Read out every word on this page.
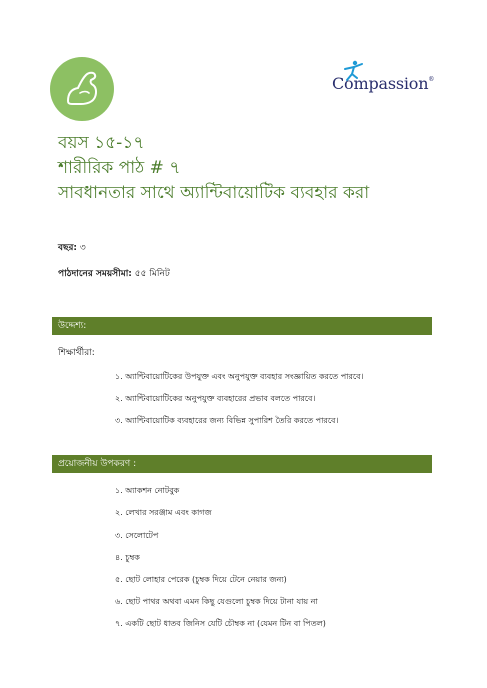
Compassion®
বয়স ১৫-১৭
শারীরিক পাঠ # ৭
সাবধানতার সাথে অ্যান্টিবায়োটিক ব্যবহার করা
বছর: ৩
পাঠদানের সময়সীমা: ৫৫ মিনিট
উদ্দেশ্য:
শিক্ষার্থীরা:
১. অ্যান্টিবায়োটিকের উপযুক্ত এবং অনুপযুক্ত ব্যবহার সংজ্ঞায়িত করতে পারবে।
২. অ্যান্টিবায়োটিকের অনুপযুক্ত ব্যবহারের প্রভাব বলতে পারবে।
৩. অ্যান্টিবায়োটিক ব্যবহারের জন্য বিভিন্ন সুপারিশ তৈরি করতে পারবে।
প্রয়োজনীয় উপকরণ :
১. অ্যাকশন নোটবুক
২. লেখার সরঞ্জাম এবং কাগজ
৩. সেলোটেপ
৪. চুম্বক
৫. ছোট লোহার পেরেক (চুম্বক দিয়ে টেনে নেয়ার জন্য)
৬. ছোট পাথর অথবা এমন কিছু যেগুলো চুম্বক দিয়ে টানা যায় না
৭. একটি ছোট ধাতব জিনিস যেটি চৌম্বক না (যেমন টিন বা পিতল)
